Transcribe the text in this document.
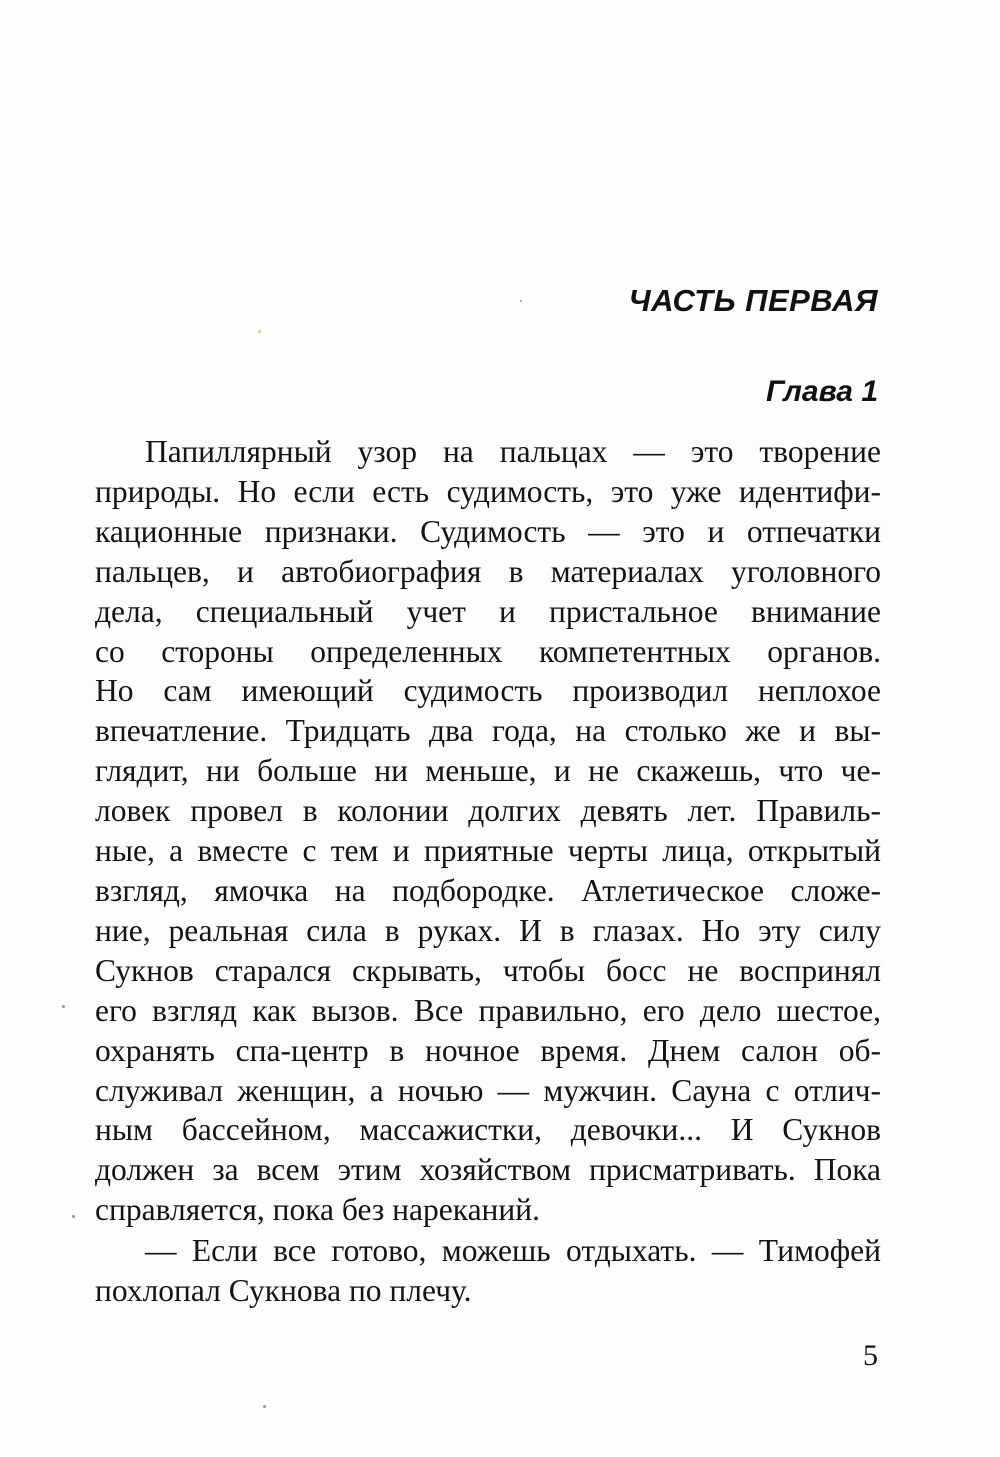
ЧАСТЬ ПЕРВАЯ
Глава 1
Папиллярный узор на пальцах — это творение
природы. Но если есть судимость, это уже идентифи-
кационные признаки. Судимость — это и отпечатки
пальцев, и автобиография в материалах уголовного
дела, специальный учет и пристальное внимание
со стороны определенных компетентных органов.
Но сам имеющий судимость производил неплохое
впечатление. Тридцать два года, на столько же и вы-
глядит, ни больше ни меньше, и не скажешь, что че-
ловек провел в колонии долгих девять лет. Правиль-
ные, а вместе с тем и приятные черты лица, открытый
взгляд, ямочка на подбородке. Атлетическое сложе-
ние, реальная сила в руках. И в глазах. Но эту силу
Сукнов старался скрывать, чтобы босс не воспринял
его взгляд как вызов. Все правильно, его дело шестое,
охранять спа-центр в ночное время. Днем салон об-
служивал женщин, а ночью — мужчин. Сауна с отлич-
ным бассейном, массажистки, девочки... И Сукнов
должен за всем этим хозяйством присматривать. Пока
справляется, пока без нареканий.
— Если все готово, можешь отдыхать. — Тимофей
похлопал Сукнова по плечу.
5
